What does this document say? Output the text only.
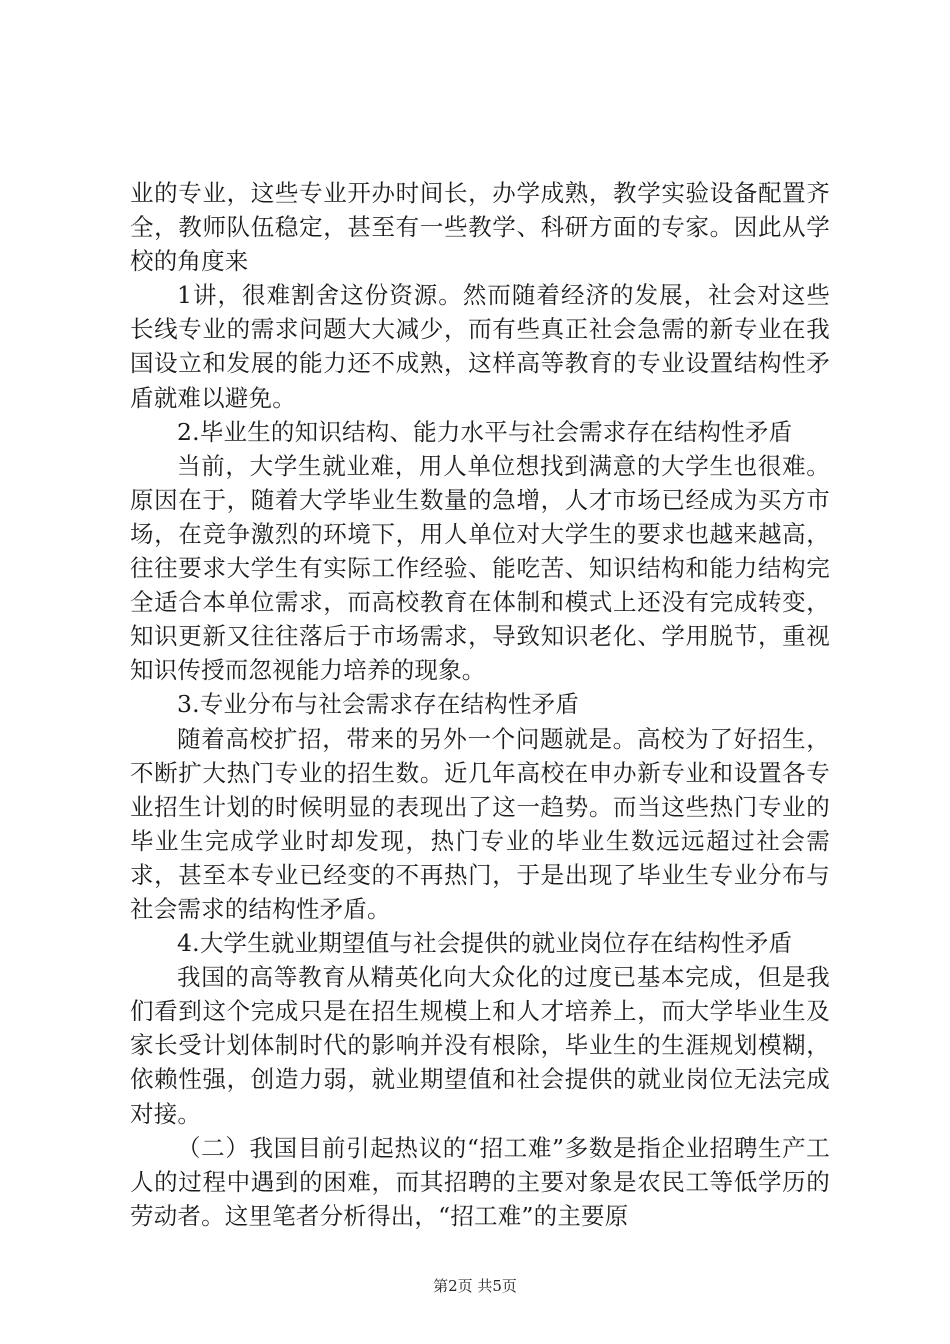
业的专业，这些专业开办时间长，办学成熟，教学实验设备配置齐全，教师队伍稳定，甚至有一些教学、科研方面的专家。因此从学校的角度来

1讲，很难割舍这份资源。然而随着经济的发展，社会对这些长线专业的需求问题大大减少，而有些真正社会急需的新专业在我国设立和发展的能力还不成熟，这样高等教育的专业设置结构性矛盾就难以避免。

2.毕业生的知识结构、能力水平与社会需求存在结构性矛盾

当前，大学生就业难，用人单位想找到满意的大学生也很难。原因在于，随着大学毕业生数量的急增，人才市场已经成为买方市场，在竞争激烈的环境下，用人单位对大学生的要求也越来越高，往往要求大学生有实际工作经验、能吃苦、知识结构和能力结构完全适合本单位需求，而高校教育在体制和模式上还没有完成转变，知识更新又往往落后于市场需求，导致知识老化、学用脱节，重视知识传授而忽视能力培养的现象。

3.专业分布与社会需求存在结构性矛盾

随着高校扩招，带来的另外一个问题就是。高校为了好招生，不断扩大热门专业的招生数。近几年高校在申办新专业和设置各专业招生计划的时候明显的表现出了这一趋势。而当这些热门专业的毕业生完成学业时却发现，热门专业的毕业生数远远超过社会需求，甚至本专业已经变的不再热门，于是出现了毕业生专业分布与社会需求的结构性矛盾。

4.大学生就业期望值与社会提供的就业岗位存在结构性矛盾

我国的高等教育从精英化向大众化的过度已基本完成，但是我们看到这个完成只是在招生规模上和人才培养上，而大学毕业生及家长受计划体制时代的影响并没有根除，毕业生的生涯规划模糊，依赖性强，创造力弱，就业期望值和社会提供的就业岗位无法完成对接。

（二）我国目前引起热议的“招工难”多数是指企业招聘生产工人的过程中遇到的困难，而其招聘的主要对象是农民工等低学历的劳动者。这里笔者分析得出，“招工难”的主要原

第2页 共5页
